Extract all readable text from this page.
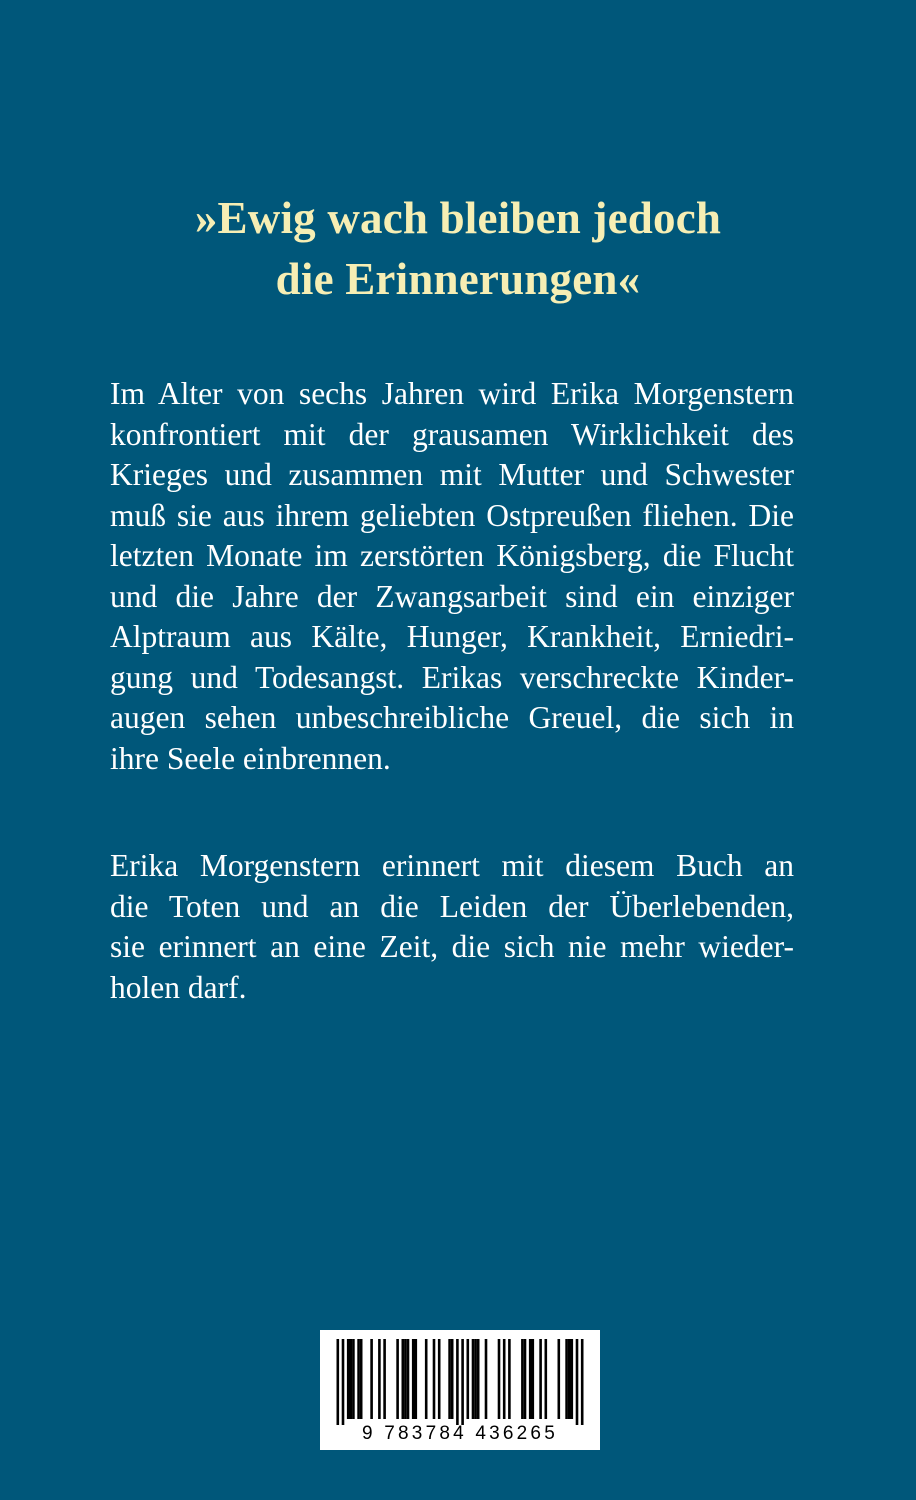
»Ewig wach bleiben jedoch
die Erinnerungen«
Im Alter von sechs Jahren wird Erika Morgenstern
konfrontiert mit der grausamen Wirklichkeit des
Krieges und zusammen mit Mutter und Schwester
muß sie aus ihrem geliebten Ostpreußen fliehen. Die
letzten Monate im zerstörten Königsberg, die Flucht
und die Jahre der Zwangsarbeit sind ein einziger
Alptraum aus Kälte, Hunger, Krankheit, Erniedri-
gung und Todesangst. Erikas verschreckte Kinder-
augen sehen unbeschreibliche Greuel, die sich in
ihre Seele einbrennen.
Erika Morgenstern erinnert mit diesem Buch an
die Toten und an die Leiden der Überlebenden,
sie erinnert an eine Zeit, die sich nie mehr wieder-
holen darf.
9 783784 436265
